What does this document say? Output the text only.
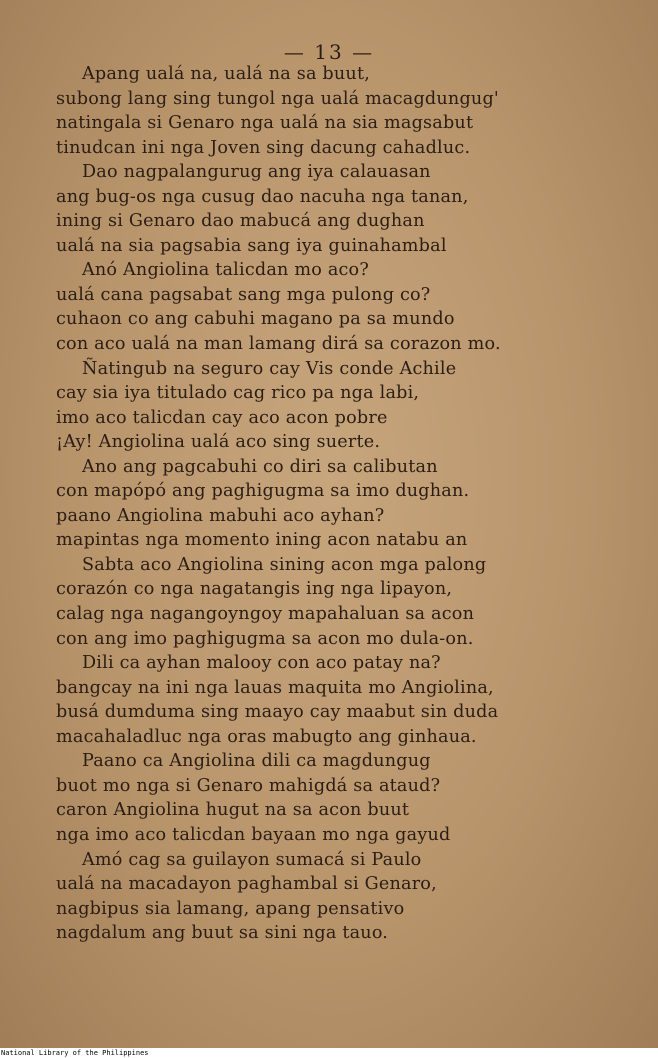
— 13 —
Apang ualá na, ualá na sa buut,
subong lang sing tungol nga ualá macagdungug'
natingala si Genaro nga ualá na sia magsabut
tinudcan ini nga Joven sing dacung cahadluc.
Dao nagpalangurug ang iya calauasan
ang bug-os nga cusug dao nacuha nga tanan,
ining si Genaro dao mabucá ang dughan
ualá na sia pagsabia sang iya guinahambal
Anó Angiolina talicdan mo aco?
ualá cana pagsabat sang mga pulong co?
cuhaon co ang cabuhi magano pa sa mundo
con aco ualá na man lamang dirá sa corazon mo.
Ñatingub na seguro cay Vis conde Achile
cay sia iya titulado cag rico pa nga labi,
imo aco talicdan cay aco acon pobre
¡Ay! Angiolina ualá aco sing suerte.
Ano ang pagcabuhi co diri sa calibutan
con mapópó ang paghigugma sa imo dughan.
paano Angiolina mabuhi aco ayhan?
mapintas nga momento ining acon natabu an
Sabta aco Angiolina sining acon mga palong
corazón co nga nagatangis ing nga lipayon,
calag nga nagangoyngoy mapahaluan sa acon
con ang imo paghigugma sa acon mo dula-on.
Dili ca ayhan malooy con aco patay na?
bangcay na ini nga lauas maquita mo Angiolina,
busá dumduma sing maayo cay maabut sin duda
macahaladluc nga oras mabugto ang ginhaua.
Paano ca Angiolina dili ca magdungug
buot mo nga si Genaro mahigdá sa ataud?
caron Angiolina hugut na sa acon buut
nga imo aco talicdan bayaan mo nga gayud
Amó cag sa guilayon sumacá si Paulo
ualá na macadayon paghambal si Genaro,
nagbipus sia lamang, apang pensativo
nagdalum ang buut sa sini nga tauo.
National Library of the Philippines
